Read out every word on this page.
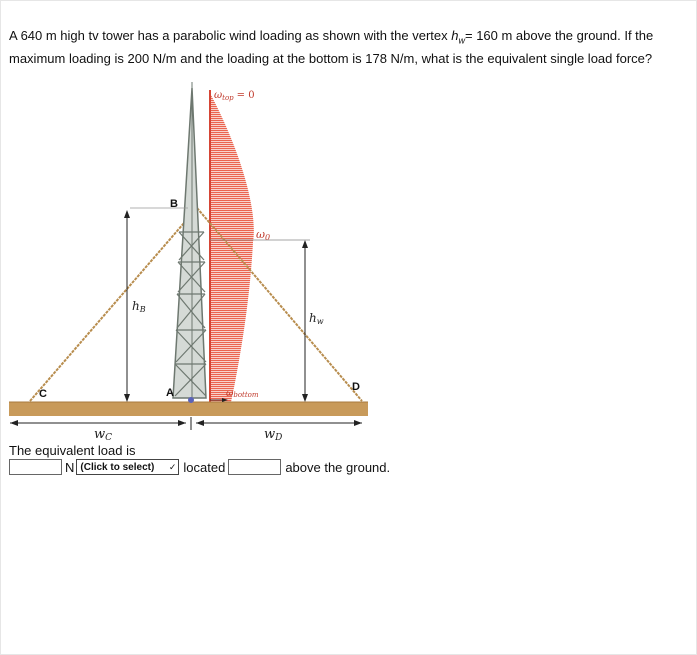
A 640 m high tv tower has a parabolic wind loading as shown with the vertex $h_w= 160$ m above the ground. If the maximum loading is 200 N/m and the loading at the bottom is 178 N/m, what is the equivalent single load force?
$\omega_{top} = 0$
ω0
ωbottom
hB
hw
wC	wD
A
B
C
D
The equivalent load is
N (Click to select) ✓ located	above the ground.
